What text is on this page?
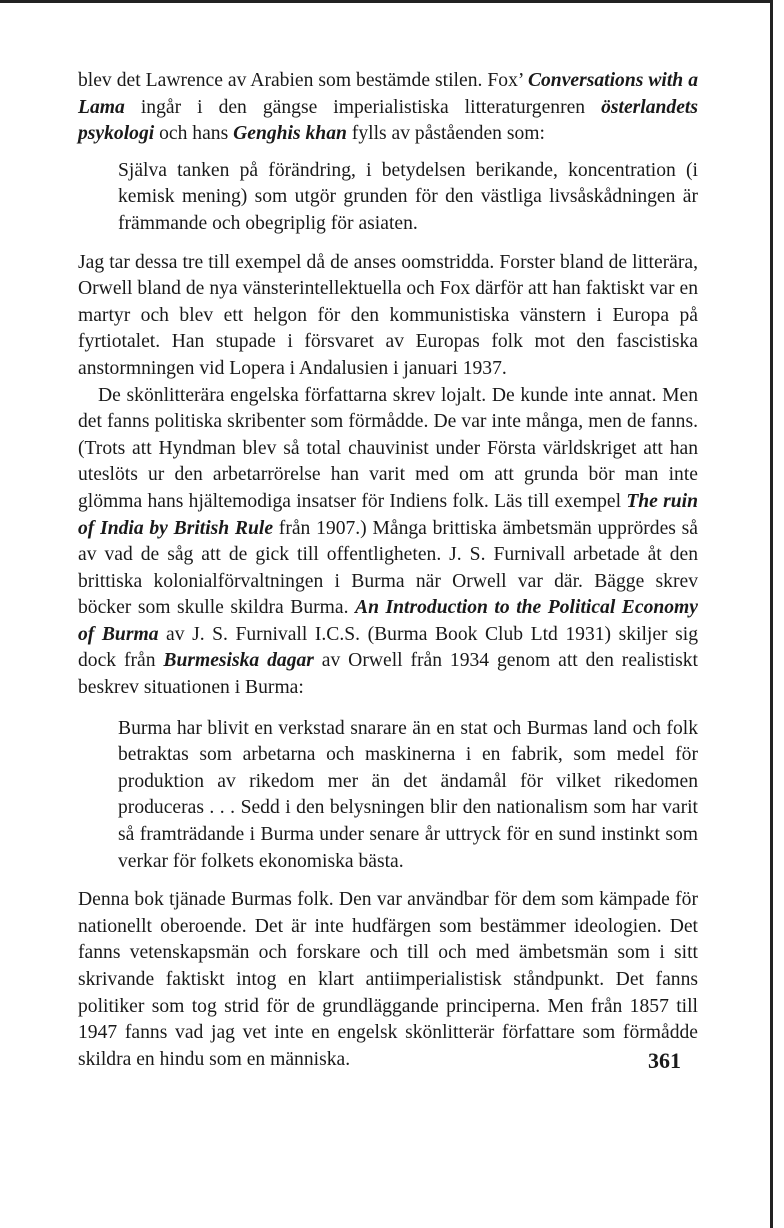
blev det Lawrence av Arabien som bestämde stilen. Fox’ Conversations with a Lama ingår i den gängse imperialistiska litteraturgenren österlandets psykologi och hans Genghis khan fylls av påståenden som:

Själva tanken på förändring, i betydelsen berikande, koncentration (i kemisk mening) som utgör grunden för den västliga livsåskådningen är främmande och obegriplig för asiaten.

Jag tar dessa tre till exempel då de anses oomstridda. Forster bland de litterära, Orwell bland de nya vänsterintellektuella och Fox därför att han faktiskt var en martyr och blev ett helgon för den kommunistiska vänstern i Europa på fyrtiotalet. Han stupade i försvaret av Europas folk mot den fascistiska anstormningen vid Lopera i Andalusien i januari 1937.

De skönlitterära engelska författarna skrev lojalt. De kunde inte annat. Men det fanns politiska skribenter som förmådde. De var inte många, men de fanns. (Trots att Hyndman blev så total chauvinist under Första världskriget att han uteslöts ur den arbetarrörelse han varit med om att grunda bör man inte glömma hans hjältemodiga insatser för Indiens folk. Läs till exempel The ruin of India by British Rule från 1907.) Många brittiska ämbetsmän upprördes så av vad de såg att de gick till offentligheten. J. S. Furnivall arbetade åt den brittiska kolonialförvaltningen i Burma när Orwell var där. Bägge skrev böcker som skulle skildra Burma. An Introduction to the Political Economy of Burma av J. S. Furnivall I.C.S. (Burma Book Club Ltd 1931) skiljer sig dock från Burmesiska dagar av Orwell från 1934 genom att den realistiskt beskrev situationen i Burma:

Burma har blivit en verkstad snarare än en stat och Burmas land och folk betraktas som arbetarna och maskinerna i en fabrik, som medel för produktion av rikedom mer än det ändamål för vilket rikedomen produceras . . . Sedd i den belysningen blir den nationalism som har varit så framträdande i Burma under senare år uttryck för en sund instinkt som verkar för folkets ekonomiska bästa.

Denna bok tjänade Burmas folk. Den var användbar för dem som kämpade för nationellt oberoende. Det är inte hudfärgen som bestämmer ideologien. Det fanns vetenskapsmän och forskare och till och med ämbetsmän som i sitt skrivande faktiskt intog en klart antiimperialistisk ståndpunkt. Det fanns politiker som tog strid för de grundläggande principerna. Men från 1857 till 1947 fanns vad jag vet inte en engelsk skönlitterär författare som förmådde skildra en hindu som en människa.	361
